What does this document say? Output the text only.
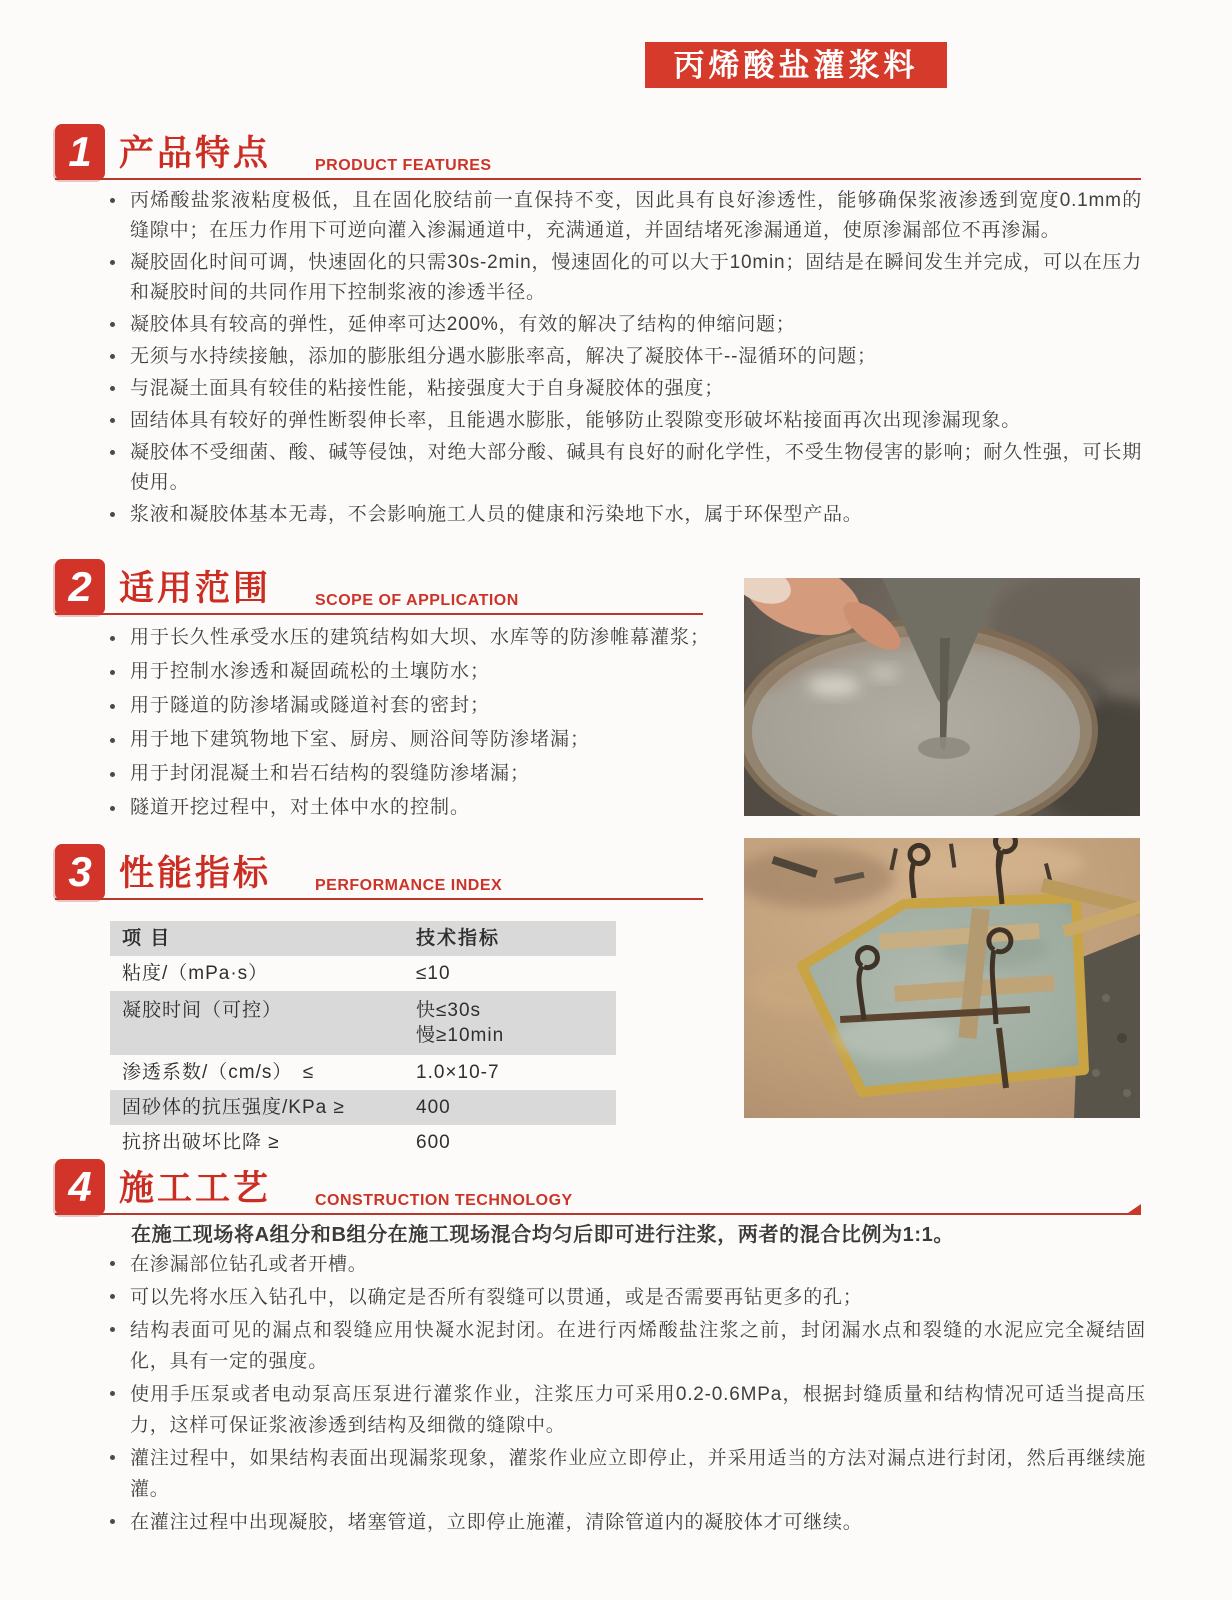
丙烯酸盐灌浆料
1 产品特点	PRODUCT FEATURES
丙烯酸盐浆液粘度极低，且在固化胶结前一直保持不变，因此具有良好渗透性，能够确保浆液渗透到宽度0.1mm的缝隙中；在压力作用下可逆向灌入渗漏通道中，充满通道，并固结堵死渗漏通道，使原渗漏部位不再渗漏。
凝胶固化时间可调，快速固化的只需30s-2min，慢速固化的可以大于10min；固结是在瞬间发生并完成，可以在压力和凝胶时间的共同作用下控制浆液的渗透半径。
凝胶体具有较高的弹性，延伸率可达200%，有效的解决了结构的伸缩问题；
无须与水持续接触，添加的膨胀组分遇水膨胀率高，解决了凝胶体干--湿循环的问题；
与混凝土面具有较佳的粘接性能，粘接强度大于自身凝胶体的强度；
固结体具有较好的弹性断裂伸长率，且能遇水膨胀，能够防止裂隙变形破坏粘接面再次出现渗漏现象。
凝胶体不受细菌、酸、碱等侵蚀，对绝大部分酸、碱具有良好的耐化学性，不受生物侵害的影响；耐久性强，可长期使用。
浆液和凝胶体基本无毒，不会影响施工人员的健康和污染地下水，属于环保型产品。
2 适用范围	SCOPE OF APPLICATION
用于长久性承受水压的建筑结构如大坝、水库等的防渗帷幕灌浆；
用于控制水渗透和凝固疏松的土壤防水；
用于隧道的防渗堵漏或隧道衬套的密封；
用于地下建筑物地下室、厨房、厕浴间等防渗堵漏；
用于封闭混凝土和岩石结构的裂缝防渗堵漏；
隧道开挖过程中，对土体中水的控制。
3 性能指标	PERFORMANCE INDEX
项 目	技术指标
粘度/（mPa·s）	≤10
凝胶时间（可控）	快≤30s
慢≥10min
渗透系数/（cm/s）　≤	1.0×10-7
固砂体的抗压强度/KPa ≥	400
抗挤出破坏比降 ≥	600
4 施工工艺	CONSTRUCTION TECHNOLOGY
在施工现场将A组分和B组分在施工现场混合均匀后即可进行注浆，两者的混合比例为1:1。
在渗漏部位钻孔或者开槽。
可以先将水压入钻孔中，以确定是否所有裂缝可以贯通，或是否需要再钻更多的孔；
结构表面可见的漏点和裂缝应用快凝水泥封闭。在进行丙烯酸盐注浆之前，封闭漏水点和裂缝的水泥应完全凝结固化，具有一定的强度。
使用手压泵或者电动泵高压泵进行灌浆作业，注浆压力可采用0.2-0.6MPa，根据封缝质量和结构情况可适当提高压力，这样可保证浆液渗透到结构及细微的缝隙中。
灌注过程中，如果结构表面出现漏浆现象，灌浆作业应立即停止，并采用适当的方法对漏点进行封闭，然后再继续施灌。
在灌注过程中出现凝胶，堵塞管道，立即停止施灌，清除管道内的凝胶体才可继续。
